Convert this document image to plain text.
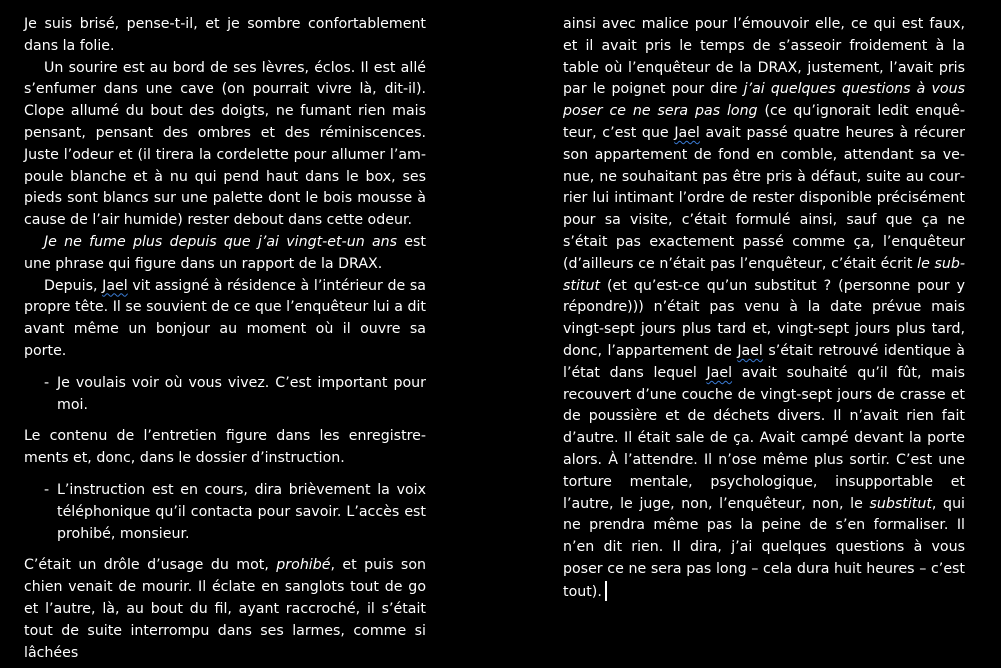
Je suis brisé, pense-t-il, et je sombre confortablement dans la folie.

Un sourire est au bord de ses lèvres, éclos. Il est allé s’enfumer dans une cave (on pourrait vivre là, dit-il). Clope allumé du bout des doigts, ne fumant rien mais pensant, pensant des ombres et des réminiscences. Juste l’odeur et (il tirera la cordelette pour allumer l’ampoule blanche et à nu qui pend haut dans le box, ses pieds sont blancs sur une palette dont le bois mousse à cause de l’air humide) rester debout dans cette odeur.

Je ne fume plus depuis que j’ai vingt-et-un ans est une phrase qui figure dans un rapport de la DRAX.

Depuis, Jael vit assigné à résidence à l’intérieur de sa propre tête. Il se souvient de ce que l’enquêteur lui a dit avant même un bonjour au moment où il ouvre sa porte.

- Je voulais voir où vous vivez. C’est important pour moi.

Le contenu de l’entretien figure dans les enregistrements et, donc, dans le dossier d’instruction.

- L’instruction est en cours, dira brièvement la voix téléphonique qu’il contacta pour savoir. L’accès est prohibé, monsieur.

C’était un drôle d’usage du mot, prohibé, et puis son chien venait de mourir. Il éclate en sanglots tout de go et l’autre, là, au bout du fil, ayant raccroché, il s’était tout de suite interrompu dans ses larmes, comme si lâchées

ainsi avec malice pour l’émouvoir elle, ce qui est faux, et il avait pris le temps de s’asseoir froidement à la table où l’enquêteur de la DRAX, justement, l’avait pris par le poignet pour dire j’ai quelques questions à vous poser ce ne sera pas long (ce qu’ignorait ledit enquêteur, c’est que Jael avait passé quatre heures à récurer son appartement de fond en comble, attendant sa venue, ne souhaitant pas être pris à défaut, suite au courrier lui intimant l’ordre de rester disponible précisément pour sa visite, c’était formulé ainsi, sauf que ça ne s’était pas exactement passé comme ça, l’enquêteur (d’ailleurs ce n’était pas l’enquêteur, c’était écrit le substitut (et qu’est-ce qu’un substitut ? (personne pour y répondre))) n’était pas venu à la date prévue mais vingt-sept jours plus tard et, vingt-sept jours plus tard, donc, l’appartement de Jael s’était retrouvé identique à l’état dans lequel Jael avait souhaité qu’il fût, mais recouvert d’une couche de vingt-sept jours de crasse et de poussière et de déchets divers. Il n’avait rien fait d’autre. Il était sale de ça. Avait campé devant la porte alors. À l’attendre. Il n’ose même plus sortir. C’est une torture mentale, psychologique, insupportable et l’autre, le juge, non, l’enquêteur, non, le substitut, qui ne prendra même pas la peine de s’en formaliser. Il n’en dit rien. Il dira, j’ai quelques questions à vous poser ce ne sera pas long – cela dura huit heures – c’est tout).
